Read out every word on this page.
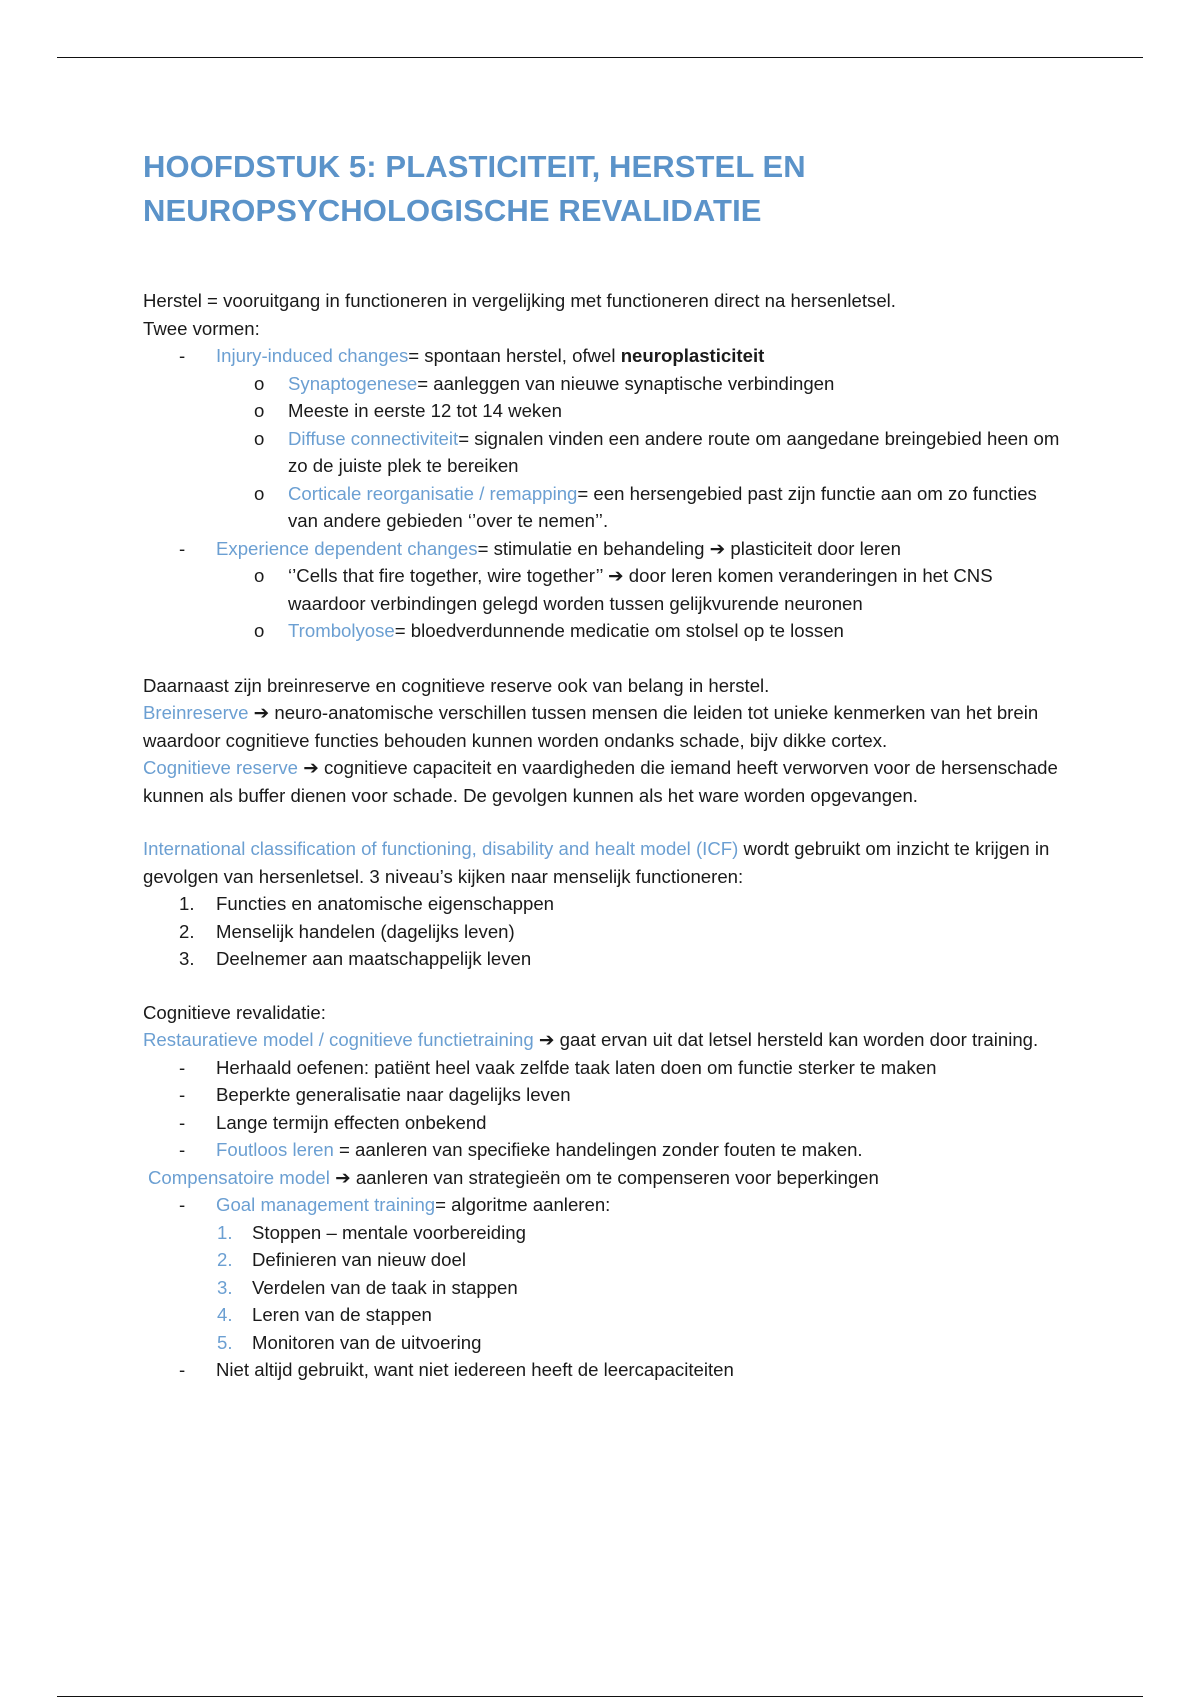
HOOFDSTUK 5: PLASTICITEIT, HERSTEL EN
NEUROPSYCHOLOGISCHE REVALIDATIE

Herstel = vooruitgang in functioneren in vergelijking met functioneren direct na hersenletsel.

Twee vormen:

- Injury-induced changes= spontaan herstel, ofwel neuroplasticiteit
o Synaptogenese= aanleggen van nieuwe synaptische verbindingen
o Meeste in eerste 12 tot 14 weken
o Diffuse connectiviteit= signalen vinden een andere route om aangedane breingebied heen om zo de juiste plek te bereiken
o Corticale reorganisatie / remapping= een hersengebied past zijn functie aan om zo functies van andere gebieden ‘’over te nemen’’.
- Experience dependent changes= stimulatie en behandeling ➔ plasticiteit door leren
o ‘’Cells that fire together, wire together’’ ➔ door leren komen veranderingen in het CNS waardoor verbindingen gelegd worden tussen gelijkvurende neuronen
o Trombolyose= bloedverdunnende medicatie om stolsel op te lossen

Daarnaast zijn breinreserve en cognitieve reserve ook van belang in herstel.

Breinreserve ➔ neuro-anatomische verschillen tussen mensen die leiden tot unieke kenmerken van het brein waardoor cognitieve functies behouden kunnen worden ondanks schade, bijv dikke cortex.

Cognitieve reserve ➔ cognitieve capaciteit en vaardigheden die iemand heeft verworven voor de hersenschade kunnen als buffer dienen voor schade. De gevolgen kunnen als het ware worden opgevangen.

International classification of functioning, disability and healt model (ICF) wordt gebruikt om inzicht te krijgen in gevolgen van hersenletsel. 3 niveau’s kijken naar menselijk functioneren:

1. Functies en anatomische eigenschappen
2. Menselijk handelen (dagelijks leven)
3. Deelnemer aan maatschappelijk leven

Cognitieve revalidatie:

Restauratieve model / cognitieve functietraining ➔ gaat ervan uit dat letsel hersteld kan worden door training.

- Herhaald oefenen: patiënt heel vaak zelfde taak laten doen om functie sterker te maken
- Beperkte generalisatie naar dagelijks leven
- Lange termijn effecten onbekend
- Foutloos leren = aanleren van specifieke handelingen zonder fouten te maken.

Compensatoire model ➔ aanleren van strategieën om te compenseren voor beperkingen

- Goal management training= algoritme aanleren:
1. Stoppen – mentale voorbereiding
2. Definieren van nieuw doel
3. Verdelen van de taak in stappen
4. Leren van de stappen
5. Monitoren van de uitvoering
- Niet altijd gebruikt, want niet iedereen heeft de leercapaciteiten
